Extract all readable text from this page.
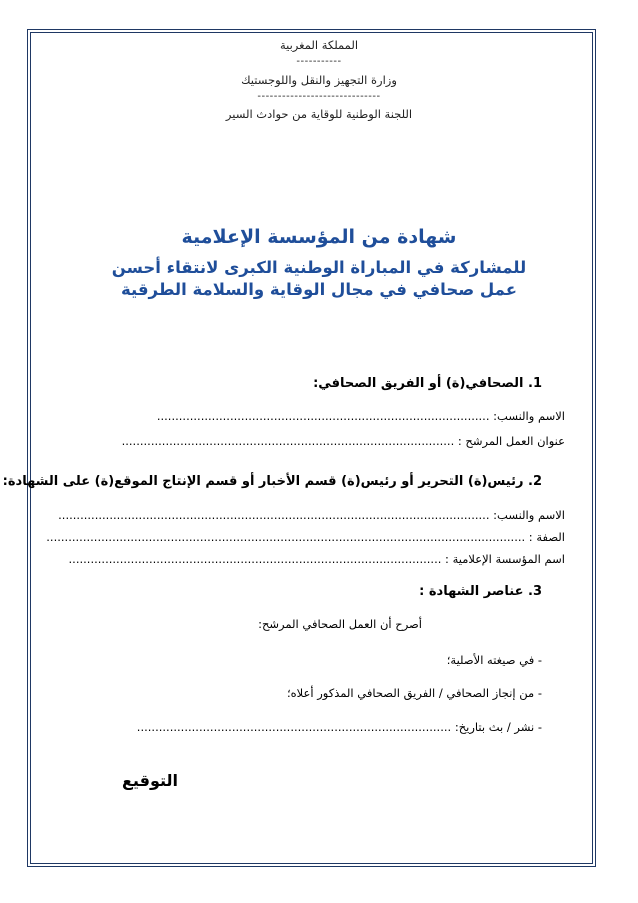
المملكة المغربية
-----------
وزارة التجهيز والنقل واللوجستيك
------------------------------
اللجنة الوطنية للوقاية من حوادث السير
شهادة من المؤسسة الإعلامية
للمشاركة في المباراة الوطنية الكبرى لانتقاء أحسن
عمل صحافي في مجال الوقاية والسلامة الطرقية
1. الصحافي(ة) أو الفريق الصحافي:
الاسم والنسب: ...........................................................................................
عنوان العمل المرشح : ...........................................................................................
2. رئيس(ة) التحرير أو رئيس(ة) قسم الأخبار أو قسم الإنتاج الموقع(ة) على الشهادة:
الاسم والنسب: ......................................................................................................................
الصفة : ...................................................................................................................................
اسم المؤسسة الإعلامية : ......................................................................................................
3. عناصر الشهادة :
أصرح أن العمل الصحافي المرشح:
- في صيغته الأصلية؛
- من إنجاز الصحافي / الفريق الصحافي المذكور أعلاه؛
- نشر / بث بتاريخ: ......................................................................................
التوقيع
